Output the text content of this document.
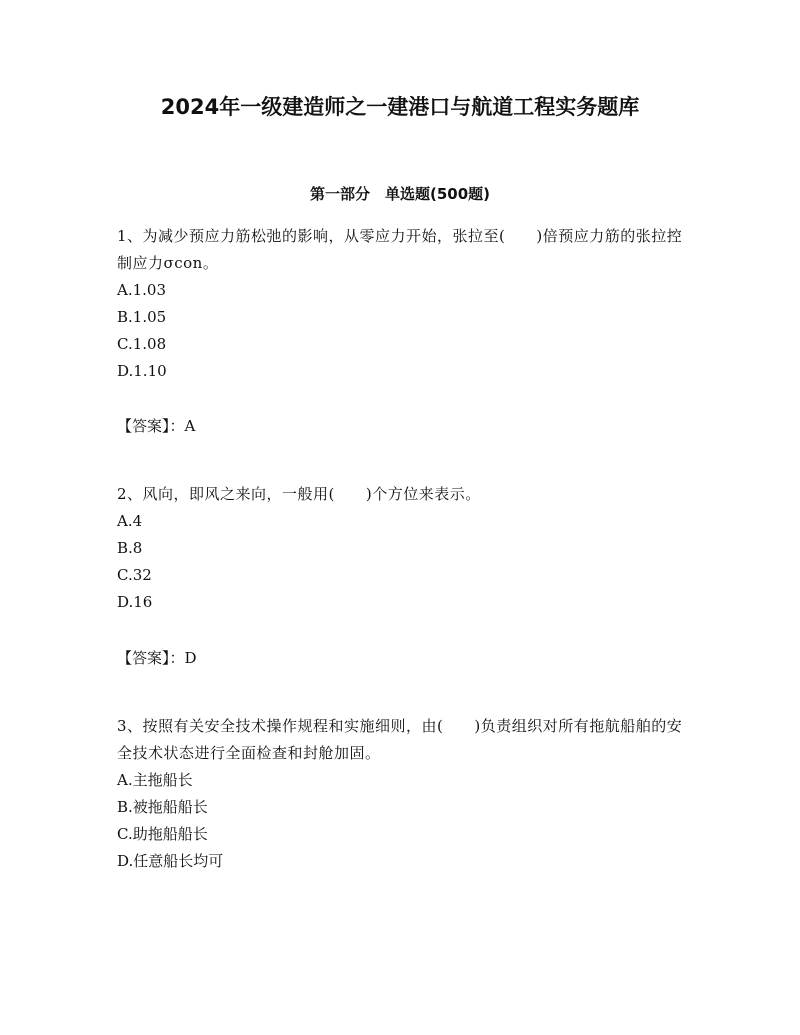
2024年一级建造师之一建港口与航道工程实务题库
第一部分　单选题(500题)

1、为减少预应力筋松弛的影响，从零应力开始，张拉至(　　)倍预应力筋的张拉控制应力σcon。

A.1.03

B.1.05

C.1.08

D.1.10

【答案】：A

2、风向，即风之来向，一般用(　　)个方位来表示。

A.4

B.8

C.32

D.16

【答案】：D

3、按照有关安全技术操作规程和实施细则，由(　　)负责组织对所有拖航船舶的安全技术状态进行全面检查和封舱加固。

A.主拖船长

B.被拖船船长

C.助拖船船长

D.任意船长均可
